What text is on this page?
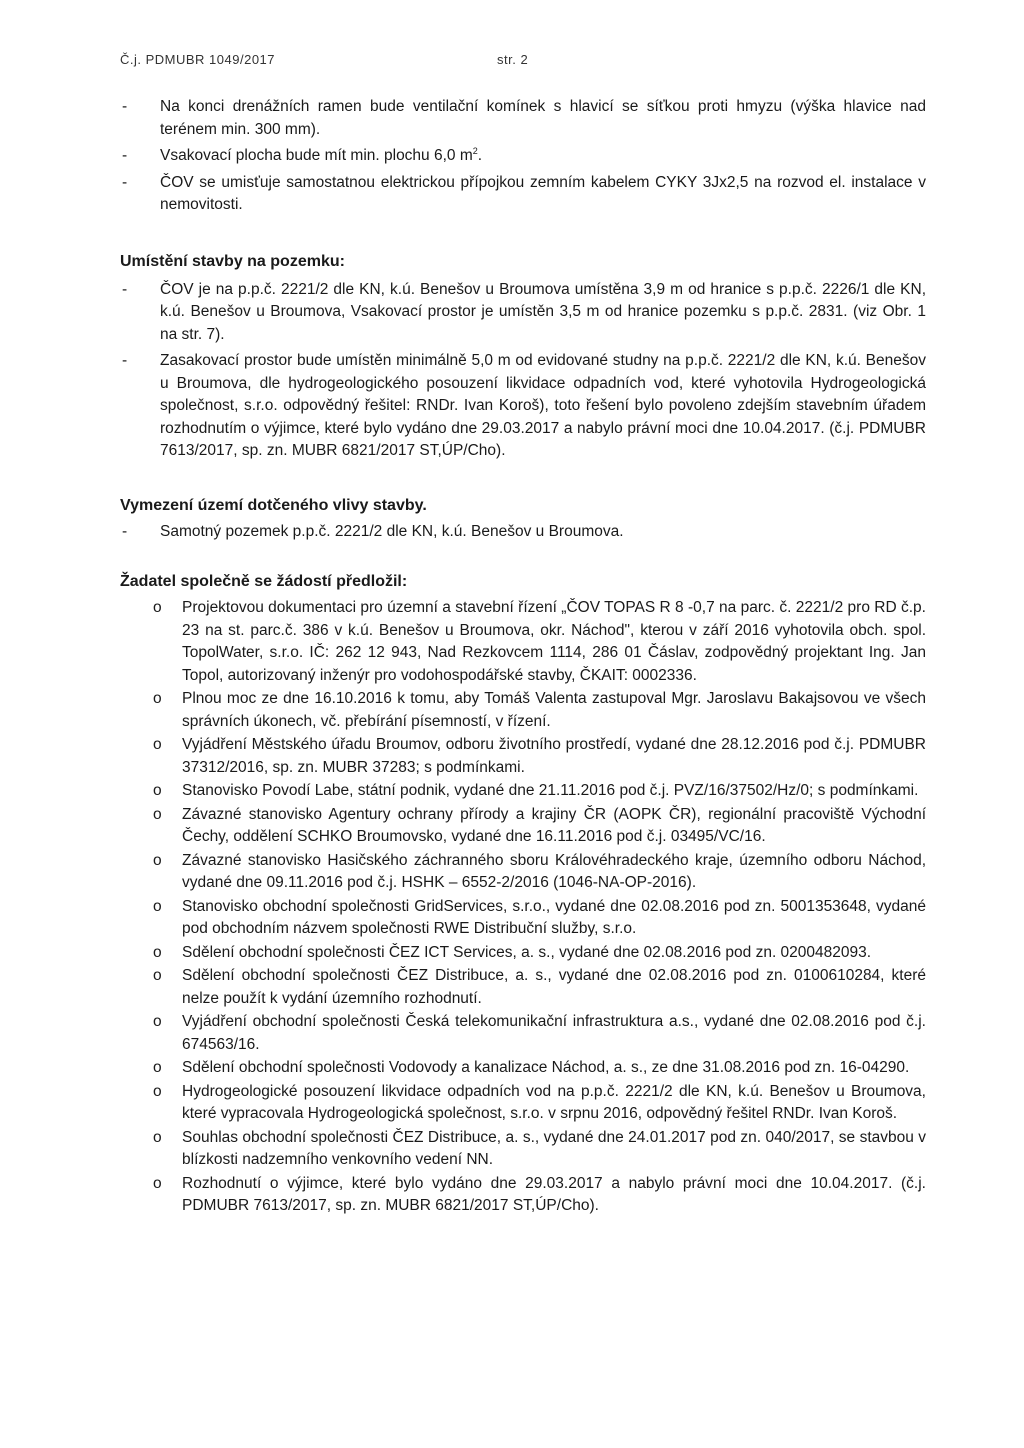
Č.j. PDMUBR 1049/2017	str. 2
- Na konci drenážních ramen bude ventilační komínek s hlavicí se síťkou proti hmyzu (výška hlavice nad terénem min. 300 mm).
- Vsakovací plocha bude mít min. plochu 6,0 $m^2$.
- ČOV se umisťuje samostatnou elektrickou přípojkou zemním kabelem CYKY 3Jx2,5 na rozvod el. instalace v nemovitosti.

Umístění stavby na pozemku:

- ČOV je na p.p.č. 2221/2 dle KN, k.ú. Benešov u Broumova umístěna 3,9 m od hranice s p.p.č. 2226/1 dle KN, k.ú. Benešov u Broumova, Vsakovací prostor je umístěn 3,5 m od hranice pozemku s p.p.č. 2831. (viz Obr. 1 na str. 7).
- Zasakovací prostor bude umístěn minimálně 5,0 m od evidované studny na p.p.č. 2221/2 dle KN, k.ú. Benešov u Broumova, dle hydrogeologického posouzení likvidace odpadních vod, které vyhotovila Hydrogeologická společnost, s.r.o. odpovědný řešitel: RNDr. Ivan Koroš), toto řešení bylo povoleno zdejším stavebním úřadem rozhodnutím o výjimce, které bylo vydáno dne 29.03.2017 a nabylo právní moci dne 10.04.2017. (č.j. PDMUBR 7613/2017, sp. zn. MUBR 6821/2017 ST,ÚP/Cho).

Vymezení území dotčeného vlivy stavby.

- Samotný pozemek p.p.č. 2221/2 dle KN, k.ú. Benešov u Broumova.

Žadatel společně se žádostí předložil:

o Projektovou dokumentaci pro územní a stavební řízení „ČOV TOPAS R 8 -0,7 na parc. č. 2221/2 pro RD č.p. 23 na st. parc.č. 386 v k.ú. Benešov u Broumova, okr. Náchod", kterou v září 2016 vyhotovila obch. spol. TopolWater, s.r.o. IČ: 262 12 943, Nad Rezkovcem 1114, 286 01 Čáslav, zodpovědný projektant Ing. Jan Topol, autorizovaný inženýr pro vodohospodářské stavby, ČKAIT: 0002336.
o Plnou moc ze dne 16.10.2016 k tomu, aby Tomáš Valenta zastupoval Mgr. Jaroslavu Bakajsovou ve všech správních úkonech, vč. přebírání písemností, v řízení.
o Vyjádření Městského úřadu Broumov, odboru životního prostředí, vydané dne 28.12.2016 pod č.j. PDMUBR 37312/2016, sp. zn. MUBR 37283; s podmínkami.
o Stanovisko Povodí Labe, státní podnik, vydané dne 21.11.2016 pod č.j. PVZ/16/37502/Hz/0; s podmínkami.
o Závazné stanovisko Agentury ochrany přírody a krajiny ČR (AOPK ČR), regionální pracoviště Východní Čechy, oddělení SCHKO Broumovsko, vydané dne 16.11.2016 pod č.j. 03495/VC/16.
o Závazné stanovisko Hasičského záchranného sboru Královéhradeckého kraje, územního odboru Náchod, vydané dne 09.11.2016 pod č.j. HSHK – 6552-2/2016 (1046-NA-OP-2016).
o Stanovisko obchodní společnosti GridServices, s.r.o., vydané dne 02.08.2016 pod zn. 5001353648, vydané pod obchodním názvem společnosti RWE Distribuční služby, s.r.o.
o Sdělení obchodní společnosti ČEZ ICT Services, a. s., vydané dne 02.08.2016 pod zn. 0200482093.
o Sdělení obchodní společnosti ČEZ Distribuce, a. s., vydané dne 02.08.2016 pod zn. 0100610284, které nelze použít k vydání územního rozhodnutí.
o Vyjádření obchodní společnosti Česká telekomunikační infrastruktura a.s., vydané dne 02.08.2016 pod č.j. 674563/16.
o Sdělení obchodní společnosti Vodovody a kanalizace Náchod, a. s., ze dne 31.08.2016 pod zn. 16-04290.
o Hydrogeologické posouzení likvidace odpadních vod na p.p.č. 2221/2 dle KN, k.ú. Benešov u Broumova, které vypracovala Hydrogeologická společnost, s.r.o. v srpnu 2016, odpovědný řešitel RNDr. Ivan Koroš.
o Souhlas obchodní společnosti ČEZ Distribuce, a. s., vydané dne 24.01.2017 pod zn. 040/2017, se stavbou v blízkosti nadzemního venkovního vedení NN.
o Rozhodnutí o výjimce, které bylo vydáno dne 29.03.2017 a nabylo právní moci dne 10.04.2017. (č.j. PDMUBR 7613/2017, sp. zn. MUBR 6821/2017 ST,ÚP/Cho).
